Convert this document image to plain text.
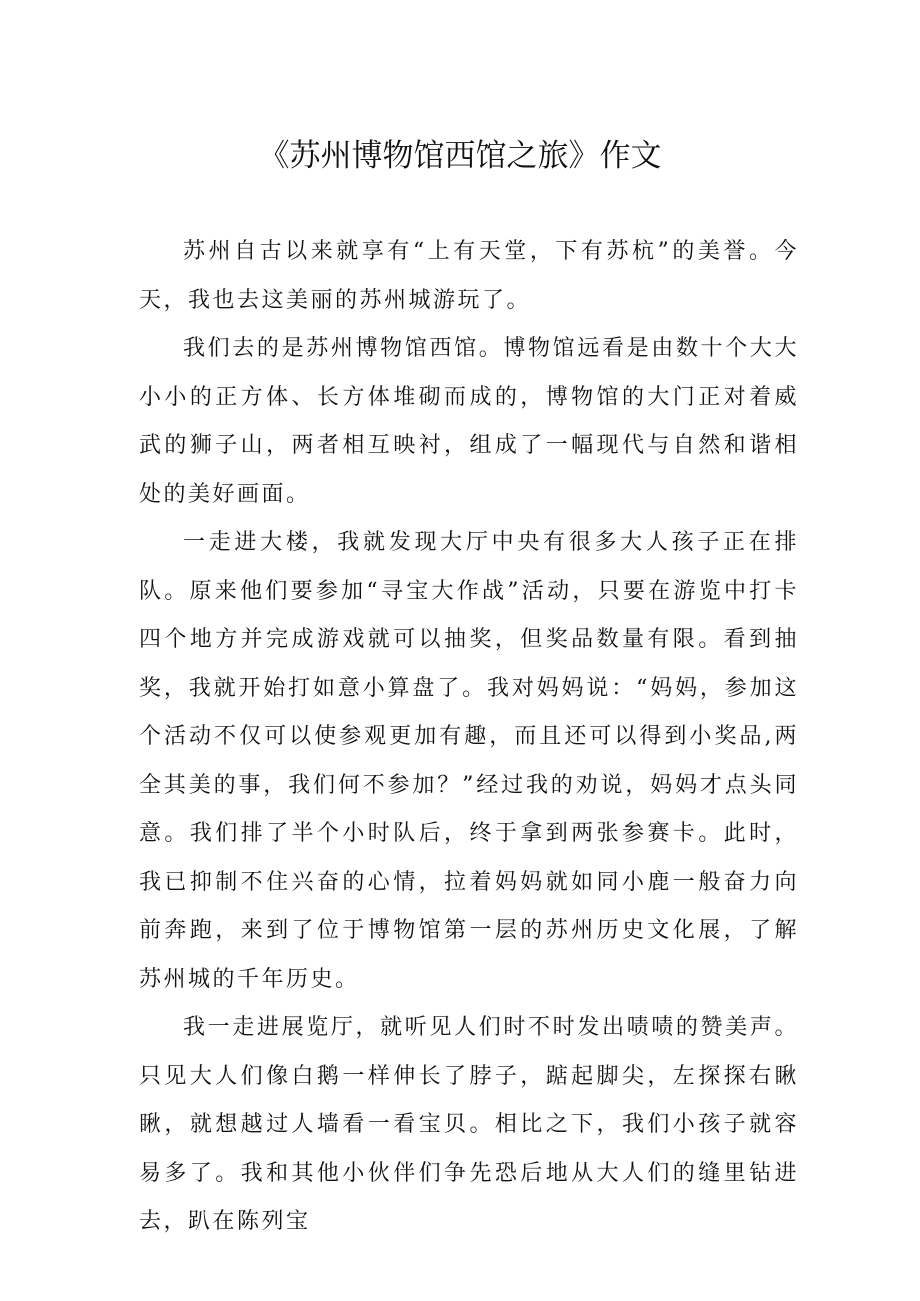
《苏州博物馆西馆之旅》作文

苏州自古以来就享有“上有天堂，下有苏杭”的美誉。今天，我也去这美丽的苏州城游玩了。

我们去的是苏州博物馆西馆。博物馆远看是由数十个大大小小的正方体、长方体堆砌而成的，博物馆的大门正对着威武的狮子山，两者相互映衬，组成了一幅现代与自然和谐相处的美好画面。

一走进大楼，我就发现大厅中央有很多大人孩子正在排队。原来他们要参加“寻宝大作战”活动，只要在游览中打卡四个地方并完成游戏就可以抽奖，但奖品数量有限。看到抽奖，我就开始打如意小算盘了。我对妈妈说：“妈妈，参加这个活动不仅可以使参观更加有趣，而且还可以得到小奖品,两全其美的事，我们何不参加？”经过我的劝说，妈妈才点头同意。我们排了半个小时队后，终于拿到两张参赛卡。此时，我已抑制不住兴奋的心情，拉着妈妈就如同小鹿一般奋力向前奔跑，来到了位于博物馆第一层的苏州历史文化展，了解苏州城的千年历史。

我一走进展览厅，就听见人们时不时发出啧啧的赞美声。只见大人们像白鹅一样伸长了脖子，踮起脚尖，左探探右瞅瞅，就想越过人墙看一看宝贝。相比之下，我们小孩子就容易多了。我和其他小伙伴们争先恐后地从大人们的缝里钻进去，趴在陈列宝
